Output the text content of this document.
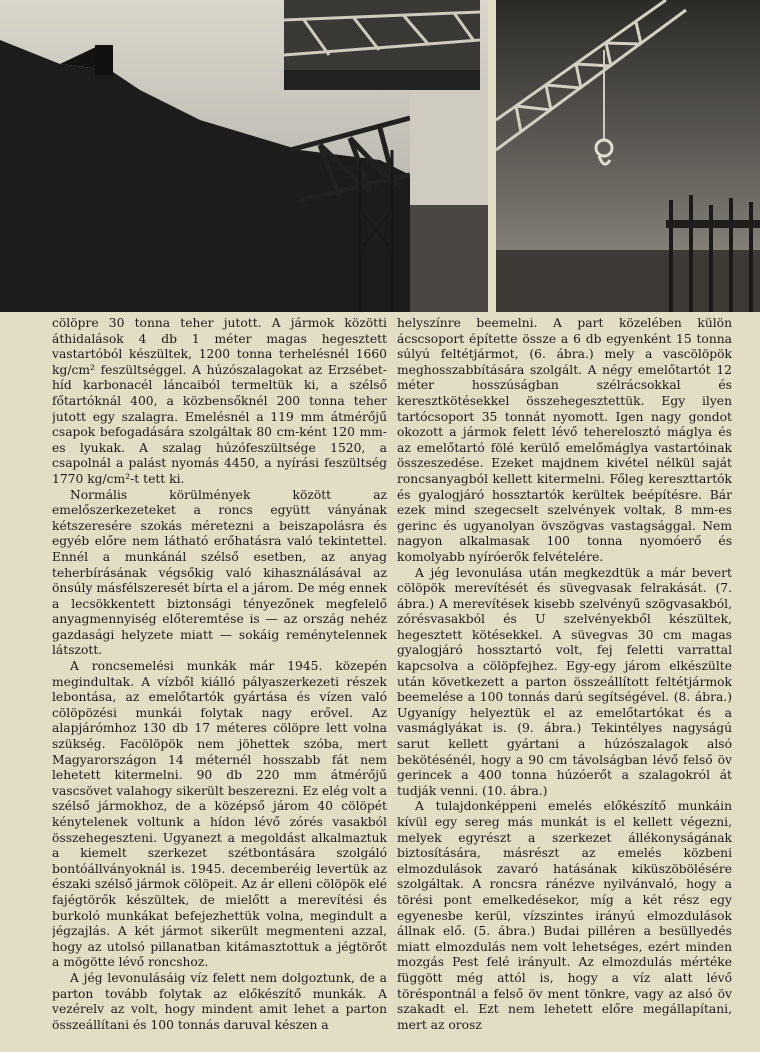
cölöpre 30 tonna teher jutott. A jármok közötti áthidalások 4 db 1 méter magas hegesztett vastartóból készültek, 1200 tonna terhelésnél 1660 kg/cm² feszültséggel. A húzószalagokat az Erzsébet-híd karbonacél láncaiból termeltük ki, a szélső főtartóknál 400, a közbensőknél 200 tonna teher jutott egy szalagra. Emelésnél a 119 mm átmérőjű csapok befogadására szolgáltak 80 cm-ként 120 mm-es lyukak. A szalag húzófeszültsége 1520, a csapolnál a palást nyomás 4450, a nyírási feszültség 1770 kg/cm²-t tett ki.

Normális körülmények között az emelőszerkezeteket a roncs együtt ványának kétszeresére szokás méretezni a beiszapolásra és egyéb előre nem látható erőhatásra való tekintettel. Ennél a munkánál szélső esetben, az anyag teherbírásának végsőkig való kihasználásával az önsúly másfélszeresét bírta el a járom. De még ennek a lecsökkentett biztonsági tényezőnek megfelelő anyagmennyiség előteremtése is — az ország nehéz gazdasági helyzete miatt — sokáig reménytelennek látszott.

A roncsemelési munkák már 1945. közepén megindultak. A vízből kiálló pályaszerkezeti részek lebontása, az emelőtartók gyártása és vízen való cölöpözési munkái folytak nagy erővel. Az alapjárómhoz 130 db 17 méteres cölöpre lett volna szükség. Facölöpök nem jöhettek szóba, mert Magyarországon 14 méternél hosszabb fát nem lehetett kitermelni. 90 db 220 mm átmérőjű vascsövet valahogy sikerült beszerezni. Ez elég volt a szélső jármokhoz, de a középső járom 40 cölöpét kénytelenek voltunk a hídon lévő zórés vasakból összehegeszteni. Ugyanezt a megoldást alkalmaztuk a kiemelt szerkezet szétbontására szolgáló bontóállványoknál is. 1945. decemberéig levertük az északi szélső jármok cölöpeit. Az ár elleni cölöpök elé fajégtörők készültek, de mielőtt a merevítési és burkoló munkákat befejezhettük volna, megindult a jégzajlás. A két jármot sikerült megmenteni azzal, hogy az utolsó pillanatban kitámasztottuk a jégtörőt a mögötte lévő roncshoz.

A jég levonulásáig víz felett nem dolgoztunk, de a parton tovább folytak az előkészítő munkák. A vezérelv az volt, hogy mindent amit lehet a parton összeállítani és 100 tonnás daruval készen a

helyszínre beemelni. A part közelében külön ácscsoport építette össze a 6 db egyenként 15 tonna súlyú feltétjármot, (6. ábra.) mely a vascölöpök meghosszabbítására szolgált. A négy emelőtartót 12 méter hosszúságban szélrácsokkal és keresztkötésekkel összehegesztettük. Egy ilyen tartócsoport 35 tonnát nyomott. Igen nagy gondot okozott a jármok felett lévő teherelosztó máglya és az emelőtartó fölé kerülő emelőmáglya vastartóinak összeszedése. Ezeket majdnem kivétel nélkül saját roncsanyagból kellett kitermelni. Főleg kereszttartók és gyalogjáró hossztartók kerültek beépítésre. Bár ezek mind szegecselt szelvények voltak, 8 mm-es gerinc és ugyanolyan övszögvas vastagsággal. Nem nagyon alkalmasak 100 tonna nyomóerő és komolyabb nyíróerők felvételére.

A jég levonulása után megkezdtük a már bevert cölöpök merevítését és süvegvasak felrakását. (7. ábra.) A merevítések kisebb szelvényű szögvasakból, zórésvasakból és U szelvényekből készültek, hegesztett kötésekkel. A süvegvas 30 cm magas gyalogjáró hossztartó volt, fej feletti varrattal kapcsolva a cölöpfejhez. Egy-egy járom elkészülte után következett a parton összeállított feltétjármok beemelése a 100 tonnás darú segítségével. (8. ábra.) Ugyanígy helyeztük el az emelőtartókat és a vasmáglyákat is. (9. ábra.) Tekintélyes nagyságú sarut kellett gyártani a húzószalagok alsó bekötésénél, hogy a 90 cm távolságban lévő felső öv gerincek a 400 tonna húzóerőt a szalagokról át tudják venni. (10. ábra.)

A tulajdonképpeni emelés előkészítő munkáin kívül egy sereg más munkát is el kellett végezni, melyek egyrészt a szerkezet állékonyságának biztosítására, másrészt az emelés közbeni elmozdulások zavaró hatásának kiküszöbölésére szolgáltak. A roncsra ránézve nyilvánvaló, hogy a törési pont emelkedésekor, míg a két rész egy egyenesbe kerül, vízszintes irányú elmozdulások állnak elő. (5. ábra.) Budai pilléren a besüllyedés miatt elmozdulás nem volt lehetséges, ezért minden mozgás Pest felé irányult. Az elmozdulás mértéke függött még attól is, hogy a víz alatt lévő töréspontnál a felső öv ment tönkre, vagy az alsó öv szakadt el. Ezt nem lehetett előre megállapítani, mert az orosz
